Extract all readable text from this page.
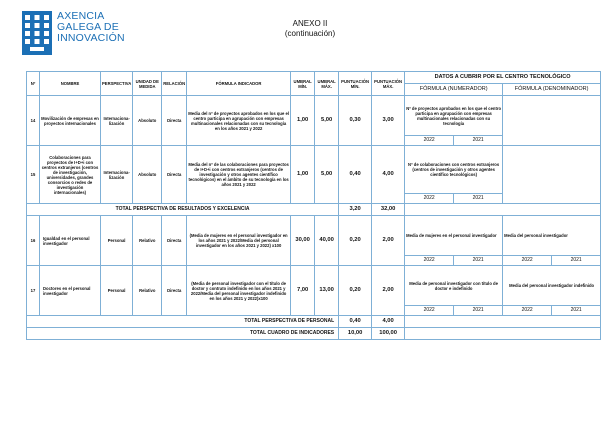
AXENCIA
GALEGA DE
INNOVACIÓN
ANEXO II
(continuación)
Nº	NOMBRE	PERSPECTIVA	UNIDAD DE MEDIDA	RELACIÓN	FÓRMULA INDICADOR	UMBRAL MÍN.	UMBRAL MÁX.	PUNTUACIÓN MÍN.	PUNTUACIÓN MÁX.	DATOS A CUBRIR POR EL CENTRO TECNOLÓGICO			
										FÓRMULA (NUMERADOR)		FÓRMULA (DENOMINADOR)	
14	Movilización de empresas en proyectos internacionales	Internaciona-lización	Absoluto	Directa	Media del nº de proyectos aprobados en los que el centro participa en agrupación con empresas multinacionales relacionadas con su tecnología en los años 2021 y 2022	1,00	5,00	0,30	3,00	Nº de proyectos aprobados en los que el centro participa en agrupación con empresas multinacionales relacionadas con su tecnología			
										2022	2021		
15	Colaboraciones para proyectos de I+D+i con centros extranjeros (centros de investigación, universidades, grandes consorcios o redes de investigación internacionales)	Internaciona-lización	Absoluto	Directa	Media del nº de las colaboraciones para proyectos de I+D+i con centros extranjeros (centros de investigación y otros agentes científico tecnológicos) en el ámbito de su tecnología en los años 2021 y 2022	1,00	5,00	0,40	4,00	Nº de colaboraciones con centros extranjeros (centros de investigación y otros agentes científico tecnológicos)			
										2022	2021		
TOTAL PERSPECTIVA DE RESULTADOS Y EXCELENCIA								3,20	32,00				
16	Igualdad en el personal investigador	Personal	Relativo	Directa	(Media de mujeres en el personal investigador en los años 2021 y 2022/Media del personal investigador en los años 2021 y 2022) x100	30,00	40,00	0,20	2,00	Media de mujeres en el personal investigador		Media del personal investigador	
										2022	2021	2022	2021
17	Doctores en el personal investigador	Personal	Relativo	Directa	(Media de personal investigador con el título de doctor y contrato indefinido en los años 2021 y 2022/Media del personal investigador indefinido en los años 2021 y 2022)x100	7,00	13,00	0,20	2,00	Media de personal investigador con título de doctor e indefinido		Media del personal investigador indefinido	
										2022	2021	2022	2021
TOTAL PERSPECTIVA DE PERSONAL								0,40	4,00				
TOTAL CUADRO DE INDICADORES								10,00	100,00				
